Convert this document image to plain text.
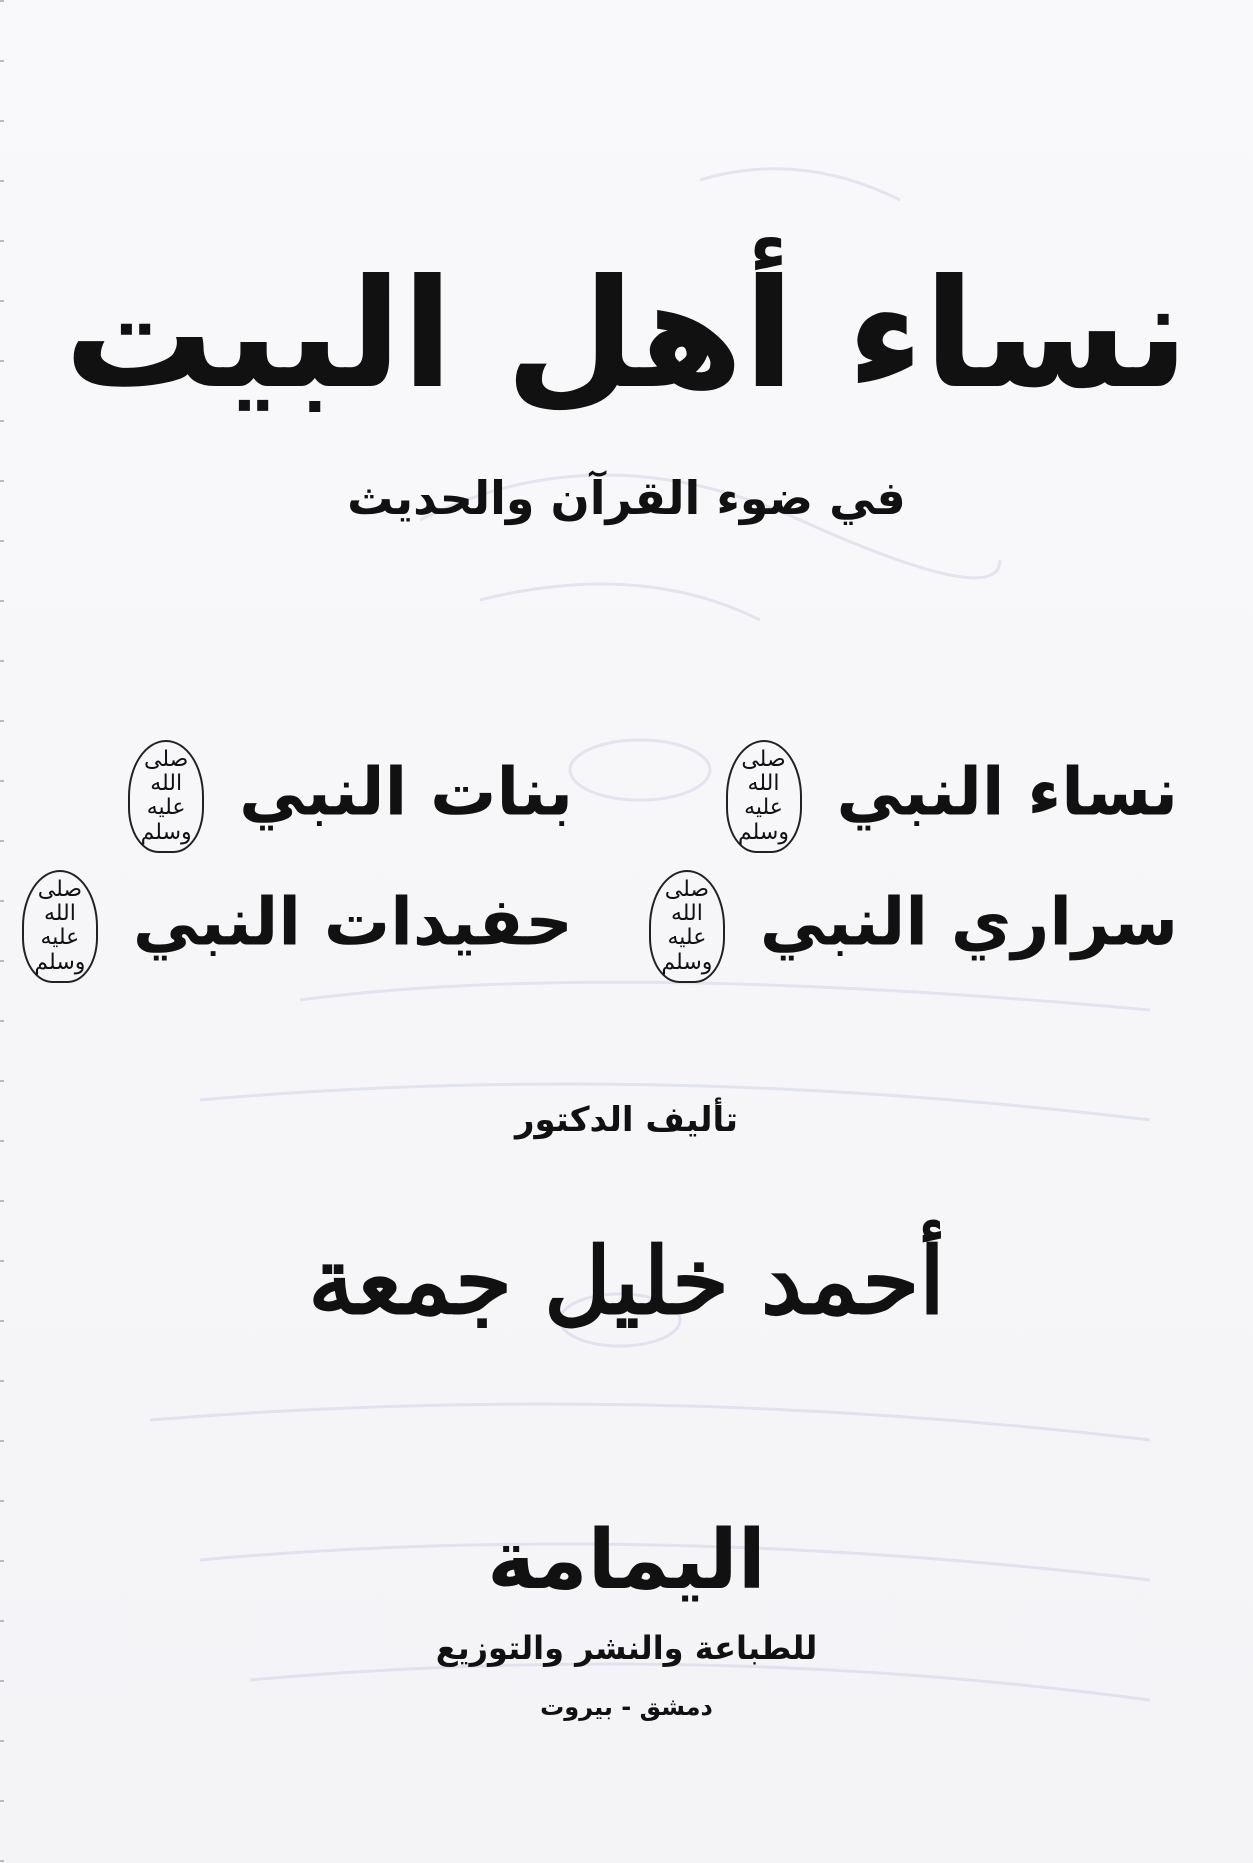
نساء أهل البيت
في ضوء القرآن والحديث
نساء النبي صلى الله عليه وسلم
بنات النبي صلى الله عليه وسلم
سراري النبي صلى الله عليه وسلم
حفيدات النبي صلى الله عليه وسلم
تأليف الدكتور
أحمد خليل جمعة
اليمامة
للطباعة والنشر والتوزيع
دمشق - بيروت
